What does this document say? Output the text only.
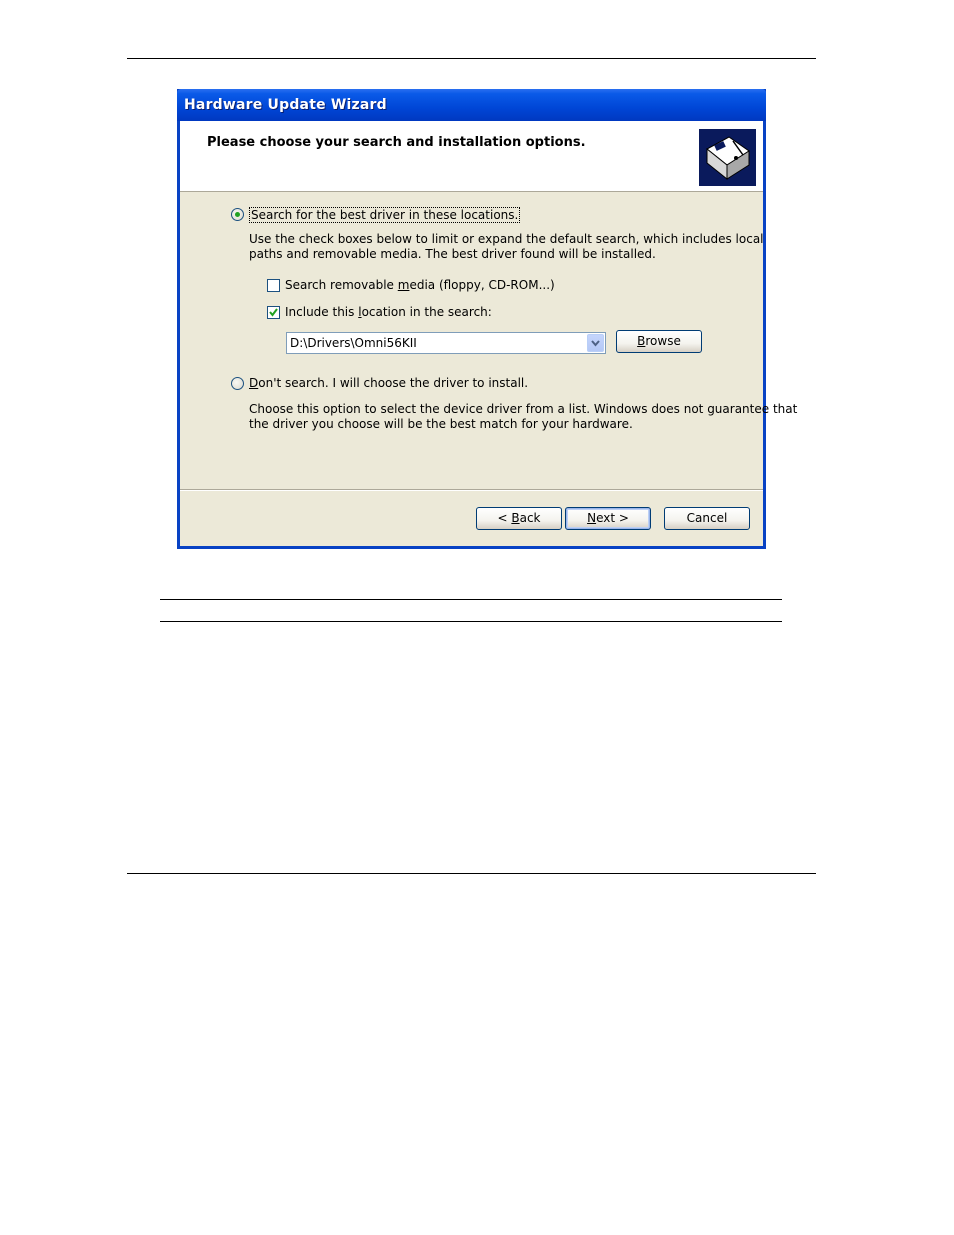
Hardware Update Wizard
Please choose your search and installation options.
Search for the best driver in these locations.
Use the check boxes below to limit or expand the default search, which includes local
paths and removable media. The best driver found will be installed.
Search removable media (floppy, CD-ROM...)
Include this location in the search:
D:\Drivers\Omni56KII	Browse
Don't search. I will choose the driver to install.
Choose this option to select the device driver from a list. Windows does not guarantee that
the driver you choose will be the best match for your hardware.
< Back	Next >	Cancel
